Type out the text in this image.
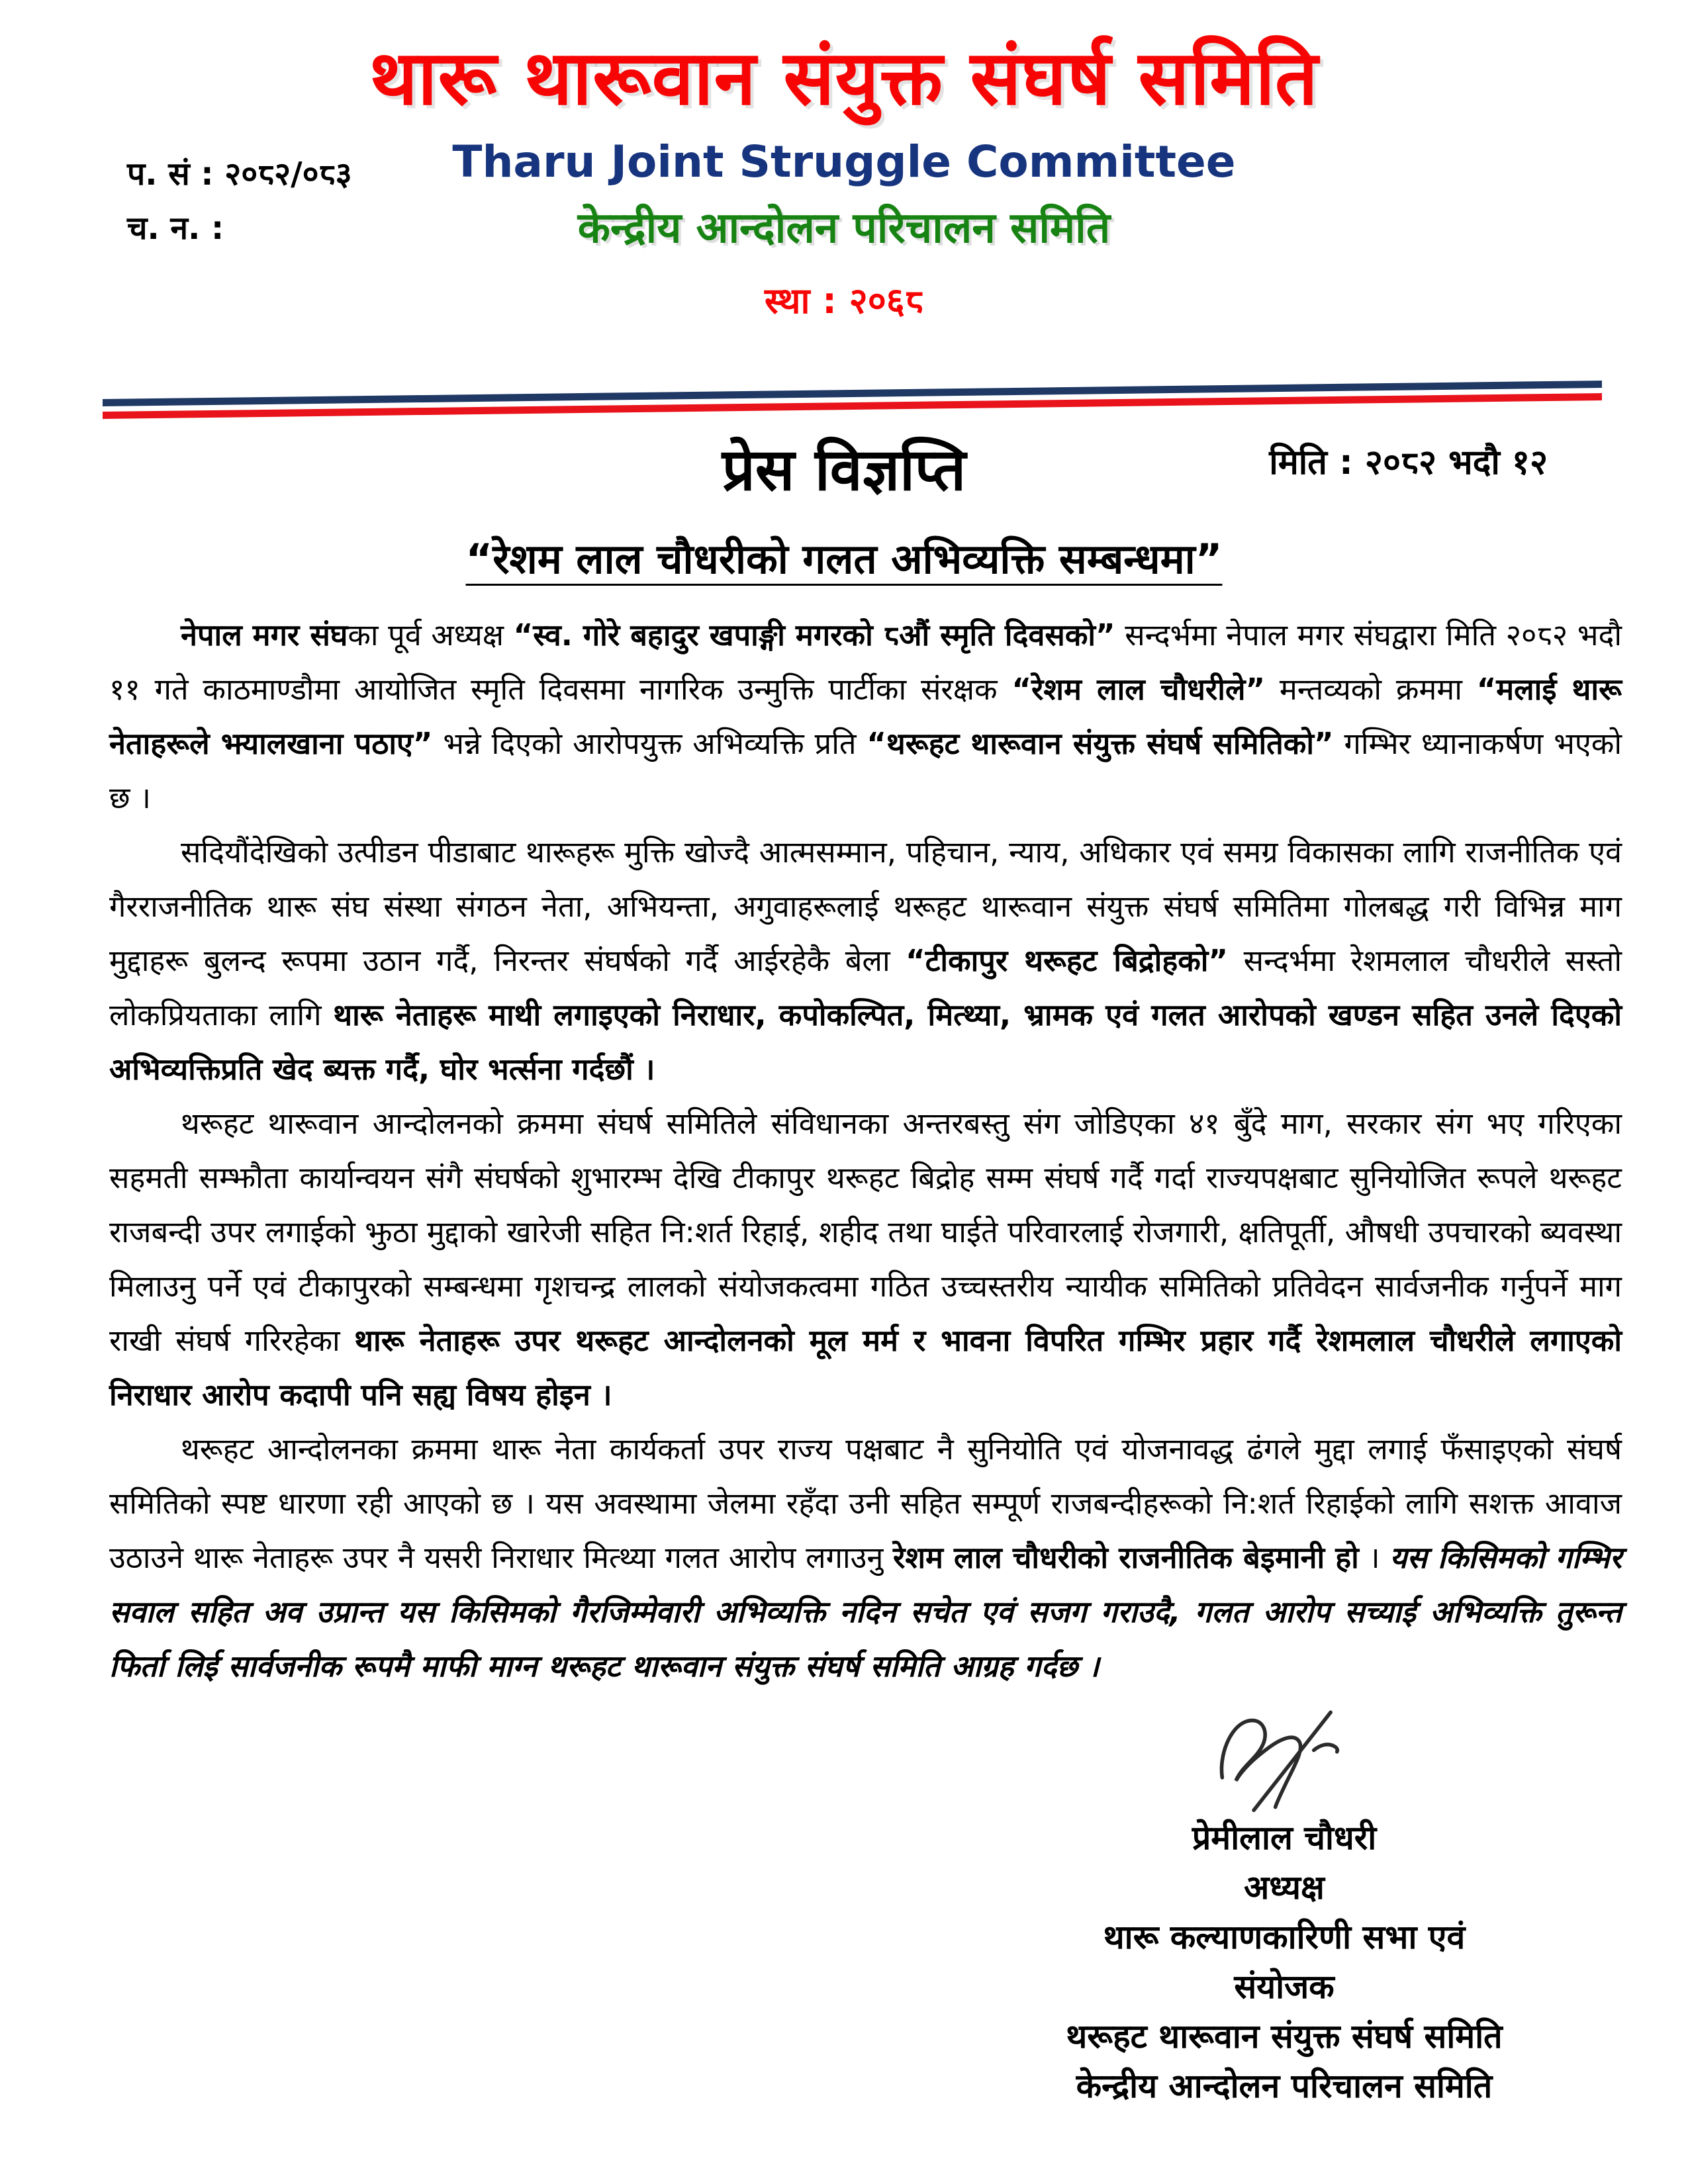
थारू थारूवान संयुक्त संघर्ष समिति
प. सं : २०८२/०८३
च. न. :
Tharu Joint Struggle Committee
केन्द्रीय आन्दोलन परिचालन समिति
स्था : २०६८
प्रेस विज्ञप्ति	मिति : २०८२ भदौ १२
“रेशम लाल चौधरीको गलत अभिव्यक्ति सम्बन्धमा”

नेपाल मगर संघका पूर्व अध्यक्ष “स्व. गोरे बहादुर खपाङ्गी मगरको ८औं स्मृति दिवसको” सन्दर्भमा नेपाल मगर संघद्वारा मिति २०८२ भदौ ११ गते काठमाण्डौमा आयोजित स्मृति दिवसमा नागरिक उन्मुक्ति पार्टीका संरक्षक “रेशम लाल चौधरीले” मन्तव्यको क्रममा “मलाई थारू नेताहरूले झ्यालखाना पठाए” भन्ने दिएको आरोपयुक्त अभिव्यक्ति प्रति “थरूहट थारूवान संयुक्त संघर्ष समितिको” गम्भिर ध्यानाकर्षण भएको छ ।

सदियौंदेखिको उत्पीडन पीडाबाट थारूहरू मुक्ति खोज्दै आत्मसम्मान, पहिचान, न्याय, अधिकार एवं समग्र विकासका लागि राजनीतिक एवं गैरराजनीतिक थारू संघ संस्था संगठन नेता, अभियन्ता, अगुवाहरूलाई थरूहट थारूवान संयुक्त संघर्ष समितिमा गोलबद्ध गरी विभिन्न माग मुद्दाहरू बुलन्द रूपमा उठान गर्दै, निरन्तर संघर्षको गर्दै आईरहेकै बेला “टीकापुर थरूहट बिद्रोहको” सन्दर्भमा रेशमलाल चौधरीले सस्तो लोकप्रियताका लागि थारू नेताहरू माथी लगाइएको निराधार, कपोकल्पित, मित्थ्या, भ्रामक एवं गलत आरोपको खण्डन सहित उनले दिएको अभिव्यक्तिप्रति खेद ब्यक्त गर्दै, घोर भर्त्सना गर्दछौं ।

थरूहट थारूवान आन्दोलनको क्रममा संघर्ष समितिले संविधानका अन्तरबस्तु संग जोडिएका ४१ बुँदे माग, सरकार संग भए गरिएका सहमती सम्झौता कार्यान्वयन संगै संघर्षको शुभारम्भ देखि टीकापुर थरूहट बिद्रोह सम्म संघर्ष गर्दै गर्दा राज्यपक्षबाट सुनियोजित रूपले थरूहट राजबन्दी उपर लगाईको झुठा मुद्दाको खारेजी सहित नि:शर्त रिहाई, शहीद तथा घाईते परिवारलाई रोजगारी, क्षतिपूर्ती, औषधी उपचारको ब्यवस्था मिलाउनु पर्ने एवं टीकापुरको सम्बन्धमा गृशचन्द्र लालको संयोजकत्वमा गठित उच्चस्तरीय न्यायीक समितिको प्रतिवेदन सार्वजनीक गर्नुपर्ने माग राखी संघर्ष गरिरहेका थारू नेताहरू उपर थरूहट आन्दोलनको मूल मर्म र भावना विपरित गम्भिर प्रहार गर्दै रेशमलाल चौधरीले लगाएको निराधार आरोप कदापी पनि सह्य विषय होइन ।

थरूहट आन्दोलनका क्रममा थारू नेता कार्यकर्ता उपर राज्य पक्षबाट नै सुनियोति एवं योजनावद्ध ढंगले मुद्दा लगाई फँसाइएको संघर्ष समितिको स्पष्ट धारणा रही आएको छ । यस अवस्थामा जेलमा रहँदा उनी सहित सम्पूर्ण राजबन्दीहरूको नि:शर्त रिहाईको लागि सशक्त आवाज उठाउने थारू नेताहरू उपर नै यसरी निराधार मित्थ्या गलत आरोप लगाउनु रेशम लाल चौधरीको राजनीतिक बेइमानी हो । यस किसिमको गम्भिर सवाल सहित अव उप्रान्त यस किसिमको गैरजिम्मेवारी अभिव्यक्ति नदिन सचेत एवं सजग गराउदै, गलत आरोप सच्याई अभिव्यक्ति तुरून्त फिर्ता लिई सार्वजनीक रूपमै माफी माग्न थरूहट थारूवान संयुक्त संघर्ष समिति आग्रह गर्दछ ।

प्रेमीलाल चौधरी
अध्यक्ष
थारू कल्याणकारिणी सभा एवं
संयोजक
थरूहट थारूवान संयुक्त संघर्ष समिति
केन्द्रीय आन्दोलन परिचालन समिति
